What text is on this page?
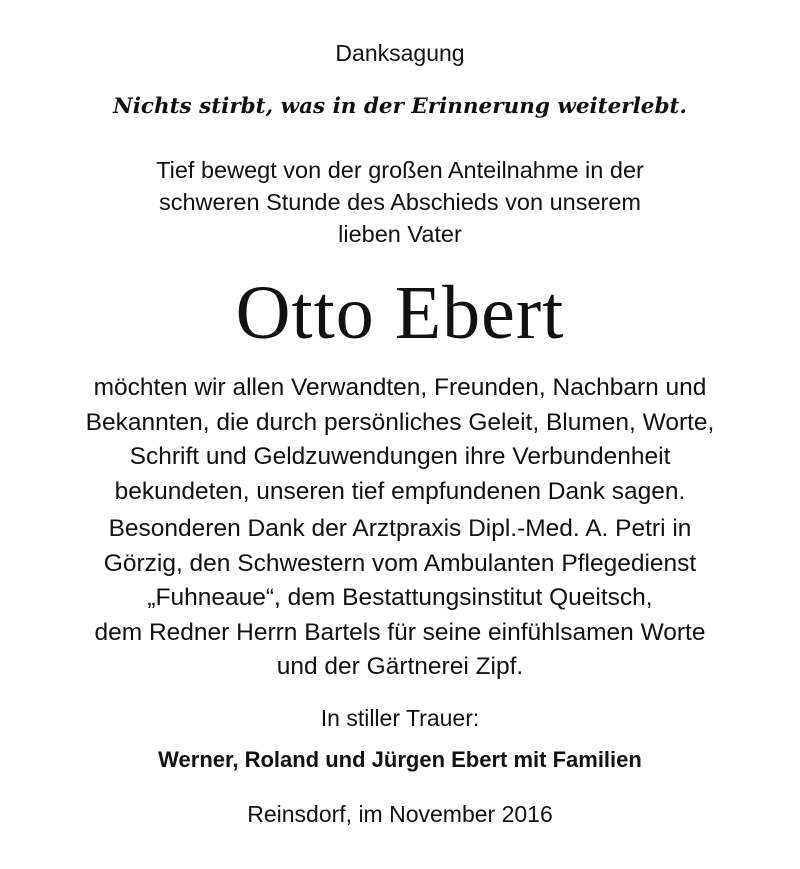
Danksagung
Nichts stirbt, was in der Erinnerung weiterlebt.
Tief bewegt von der großen Anteilnahme in der
schweren Stunde des Abschieds von unserem
lieben Vater
Otto Ebert
möchten wir allen Verwandten, Freunden, Nachbarn und
Bekannten, die durch persönliches Geleit, Blumen, Worte,
Schrift und Geldzuwendungen ihre Verbundenheit
bekundeten, unseren tief empfundenen Dank sagen.
Besonderen Dank der Arztpraxis Dipl.-Med. A. Petri in
Görzig, den Schwestern vom Ambulanten Pflegedienst
„Fuhneaue“, dem Bestattungsinstitut Queitsch,
dem Redner Herrn Bartels für seine einfühlsamen Worte
und der Gärtnerei Zipf.
In stiller Trauer:
Werner, Roland und Jürgen Ebert mit Familien
Reinsdorf, im November 2016
